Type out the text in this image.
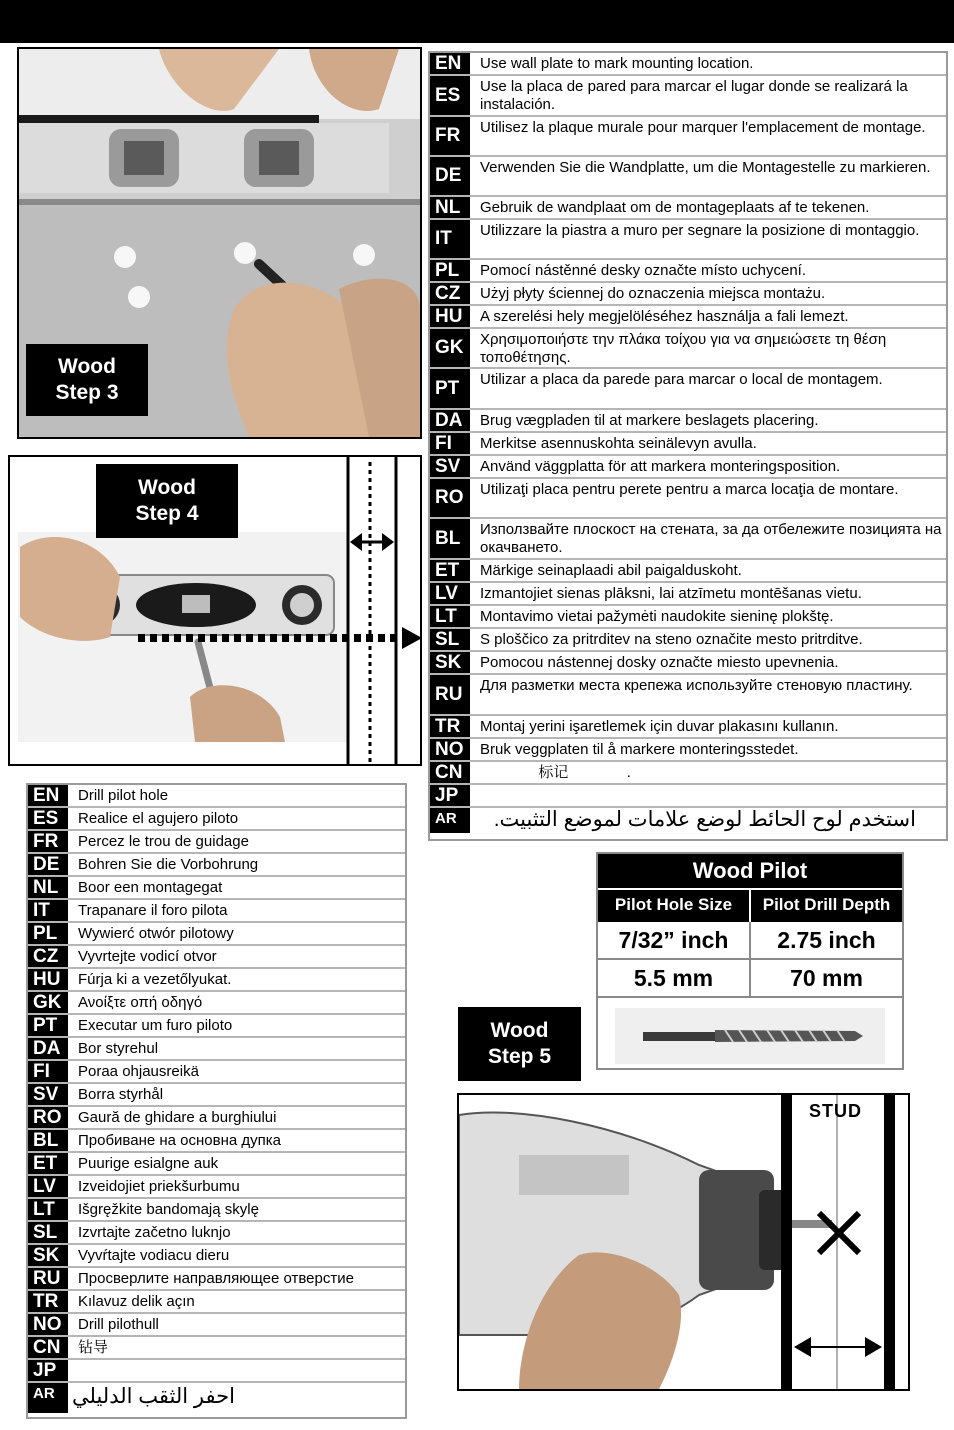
Wood
Step 3
Wood
Step 4
EN	Use wall plate to mark mounting location.
ES	Use la placa de pared para marcar el lugar donde se realizará la instalación.
FR	Utilisez la plaque murale pour marquer l'emplacement de montage.
DE	Verwenden Sie die Wandplatte, um die Montagestelle zu markieren.
NL	Gebruik de wandplaat om de montageplaats af te tekenen.
IT	Utilizzare la piastra a muro per segnare la posizione di montaggio.
PL	Pomocí nástěnné desky označte místo uchycení.
CZ	Użyj płyty ściennej do oznaczenia miejsca montażu.
HU	A szerelési hely megjelöléséhez használja a fali lemezt.
GK	Χρησιμοποιήστε την πλάκα τοίχου για να σημειώσετε τη θέση τοποθέτησης.
PT	Utilizar a placa da parede para marcar o local de montagem.
DA	Brug vægpladen til at markere beslagets placering.
FI	Merkitse asennuskohta seinälevyn avulla.
SV	Använd väggplatta för att markera monteringsposition.
RO	Utilizaţi placa pentru perete pentru a marca locaţia de montare.
BL	Използвайте плоскост на стената, за да отбележите позицията на окачването.
ET	Märkige seinaplaadi abil paigalduskoht.
LV	Izmantojiet sienas plāksni, lai atzīmetu montēšanas vietu.
LT	Montavimo vietai pažymėti naudokite sieninę plokštę.
SL	S ploščico za pritrditev na steno označite mesto pritrditve.
SK	Pomocou nástennej dosky označte miesto upevnenia.
RU	Для разметки места крепежа используйте стеновую пластину.
TR	Montaj yerini işaretlemek için duvar plakasını kullanın.
NO	Bruk veggplaten til å markere monteringsstedet.
CN	标记              .
JP
AR	استخدم لوح الحائط لوضع علامات لموضع التثبيت.
EN	Drill pilot hole
ES	Realice el agujero piloto
FR	Percez le trou de guidage
DE	Bohren Sie die Vorbohrung
NL	Boor een montagegat
IT	Trapanare il foro pilota
PL	Wywierć otwór pilotowy
CZ	Vyvrtejte vodicí otvor
HU	Fúrja ki a vezetőlyukat.
GK	Ανοίξτε οπή οδηγό
PT	Executar um furo piloto
DA	Bor styrehul
FI	Poraa ohjausreikä
SV	Borra styrhål
RO	Gaură de ghidare a burghiului
BL	Пробиване на основна дупка
ET	Puurige esialgne auk
LV	Izveidojiet priekšurbumu
LT	Išgręžkite bandomają skylę
SL	Izvrtajte začetno luknjo
SK	Vyvŕtajte vodiacu dieru
RU	Просверлите направляющее отверстие
TR	Kılavuz delik açın
NO	Drill pilothull
CN	钻导
JP
AR احفر الثقب الدليلي
Wood Pilot
Pilot Hole Size	Pilot Drill Depth
7/32” inch	2.75 inch
5.5 mm	70 mm
Wood
Step 5
STUD
